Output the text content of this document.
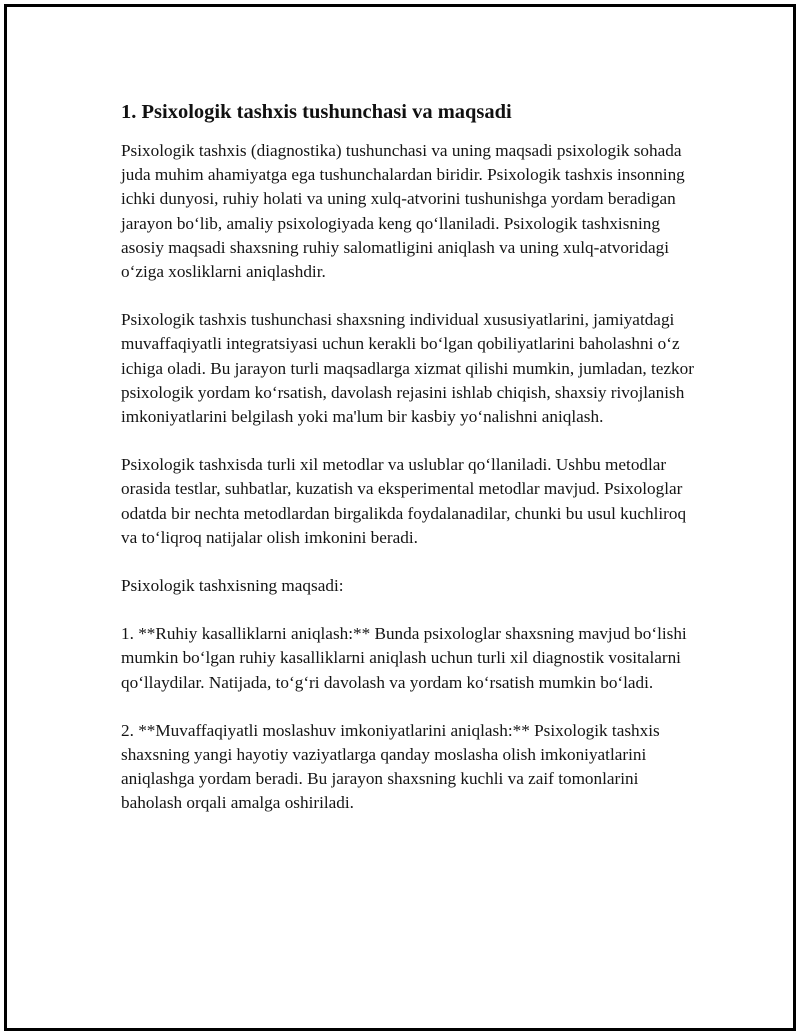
1. Psixologik tashxis tushunchasi va maqsadi

Psixologik tashxis (diagnostika) tushunchasi va uning maqsadi psixologik sohada juda muhim ahamiyatga ega tushunchalardan biridir. Psixologik tashxis insonning ichki dunyosi, ruhiy holati va uning xulq-atvorini tushunishga yordam beradigan jarayon bo‘lib, amaliy psixologiyada keng qo‘llaniladi. Psixologik tashxisning asosiy maqsadi shaxsning ruhiy salomatligini aniqlash va uning xulq-atvoridagi o‘ziga xosliklarni aniqlashdir.

Psixologik tashxis tushunchasi shaxsning individual xususiyatlarini, jamiyatdagi muvaffaqiyatli integratsiyasi uchun kerakli bo‘lgan qobiliyatlarini baholashni o‘z ichiga oladi. Bu jarayon turli maqsadlarga xizmat qilishi mumkin, jumladan, tezkor psixologik yordam ko‘rsatish, davolash rejasini ishlab chiqish, shaxsiy rivojlanish imkoniyatlarini belgilash yoki ma'lum bir kasbiy yo‘nalishni aniqlash.

Psixologik tashxisda turli xil metodlar va uslublar qo‘llaniladi. Ushbu metodlar orasida testlar, suhbatlar, kuzatish va eksperimental metodlar mavjud. Psixologlar odatda bir nechta metodlardan birgalikda foydalanadilar, chunki bu usul kuchliroq va to‘liqroq natijalar olish imkonini beradi.

Psixologik tashxisning maqsadi:

1. **Ruhiy kasalliklarni aniqlash:** Bunda psixologlar shaxsning mavjud bo‘lishi mumkin bo‘lgan ruhiy kasalliklarni aniqlash uchun turli xil diagnostik vositalarni qo‘llaydilar. Natijada, to‘g‘ri davolash va yordam ko‘rsatish mumkin bo‘ladi.

2. **Muvaffaqiyatli moslashuv imkoniyatlarini aniqlash:** Psixologik tashxis shaxsning yangi hayotiy vaziyatlarga qanday moslasha olish imkoniyatlarini aniqlashga yordam beradi. Bu jarayon shaxsning kuchli va zaif tomonlarini baholash orqali amalga oshiriladi.
